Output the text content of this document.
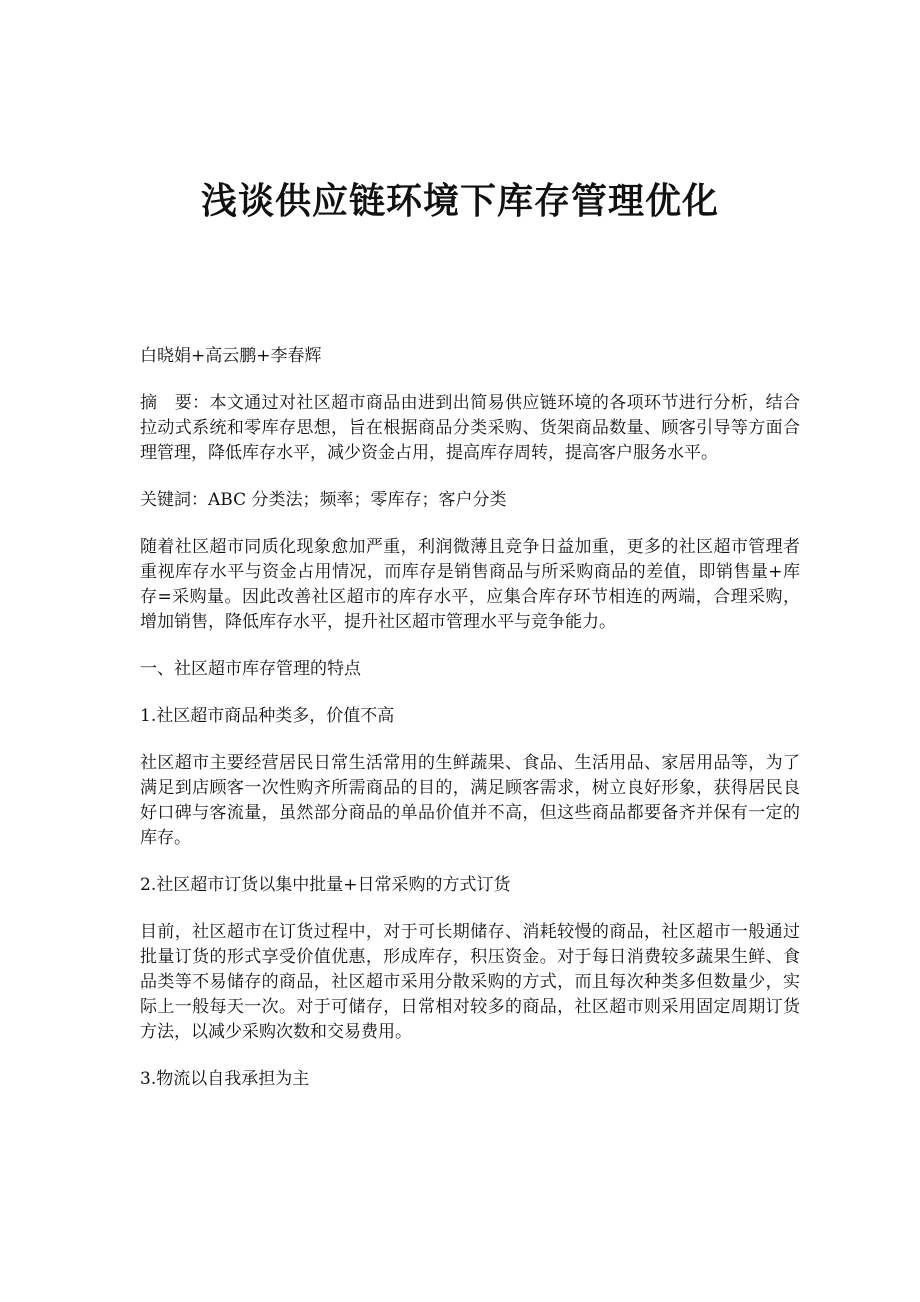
浅谈供应链环境下库存管理优化

白晓娟+高云鹏+李春辉

摘　要：本文通过对社区超市商品由进到出简易供应链环境的各项环节进行分析，结合拉动式系统和零库存思想，旨在根据商品分类采购、货架商品数量、顾客引导等方面合理管理，降低库存水平，减少资金占用，提高库存周转，提高客户服务水平。

关键詞：ABC 分类法；频率；零库存；客户分类

随着社区超市同质化现象愈加严重，利润微薄且竞争日益加重，更多的社区超市管理者重视库存水平与资金占用情况，而库存是销售商品与所采购商品的差值，即销售量+库存=采购量。因此改善社区超市的库存水平，应集合库存环节相连的两端，合理采购，增加销售，降低库存水平，提升社区超市管理水平与竞争能力。

一、社区超市库存管理的特点

1.社区超市商品种类多，价值不高

社区超市主要经营居民日常生活常用的生鲜蔬果、食品、生活用品、家居用品等，为了满足到店顾客一次性购齐所需商品的目的，满足顾客需求，树立良好形象，获得居民良好口碑与客流量，虽然部分商品的单品价值并不高，但这些商品都要备齐并保有一定的库存。

2.社区超市订货以集中批量+日常采购的方式订货

目前，社区超市在订货过程中，对于可长期储存、消耗较慢的商品，社区超市一般通过批量订货的形式享受价值优惠，形成库存，积压资金。对于每日消费较多蔬果生鲜、食品类等不易储存的商品，社区超市采用分散采购的方式，而且每次种类多但数量少，实际上一般每天一次。对于可储存，日常相对较多的商品，社区超市则采用固定周期订货方法，以减少采购次数和交易费用。

3.物流以自我承担为主
